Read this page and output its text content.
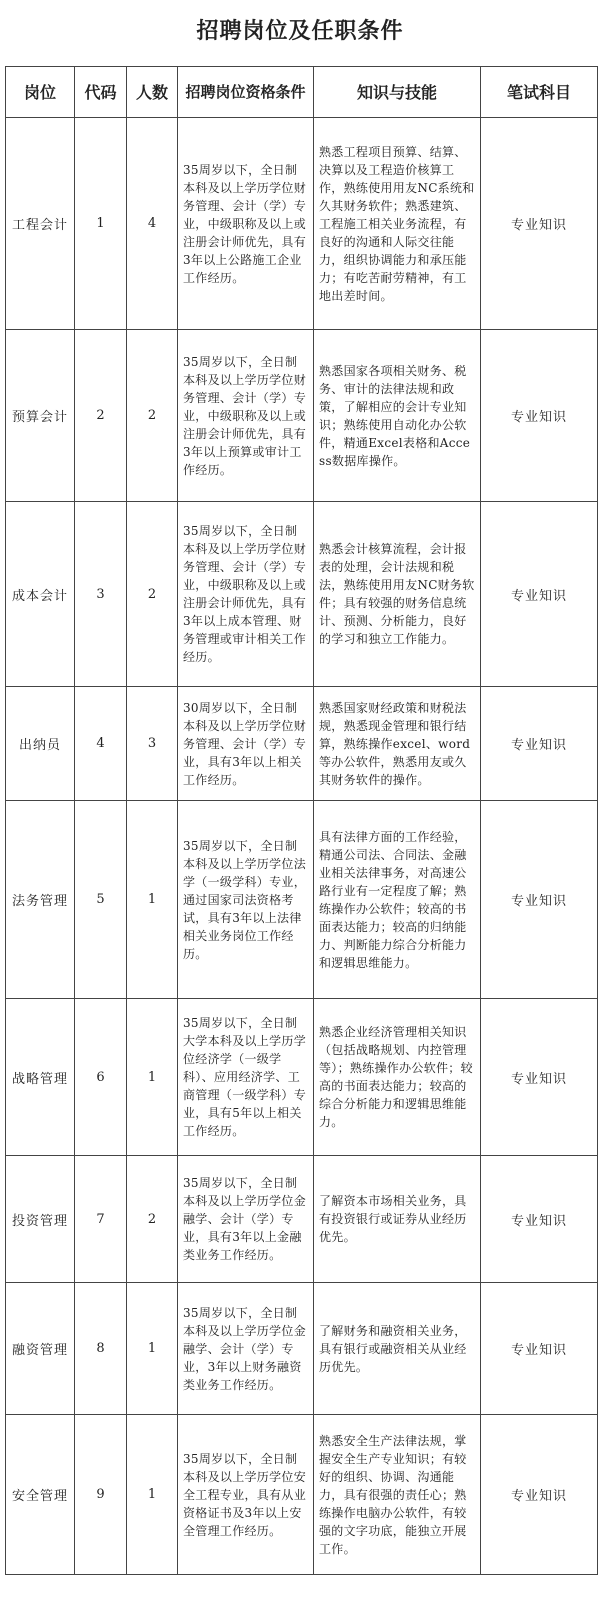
招聘岗位及任职条件
岗位	代码	人数	招聘岗位资格条件	知识与技能	笔试科目
工程会计	1	4	35周岁以下，全日制本科及以上学历学位财务管理、会计（学）专业，中级职称及以上或注册会计师优先，具有3年以上公路施工企业工作经历。	熟悉工程项目预算、结算、决算以及工程造价核算工作，熟练使用用友NC系统和久其财务软件；熟悉建筑、工程施工相关业务流程，有良好的沟通和人际交往能力，组织协调能力和承压能力；有吃苦耐劳精神，有工地出差时间。	专业知识
预算会计	2	2	35周岁以下，全日制本科及以上学历学位财务管理、会计（学）专业，中级职称及以上或注册会计师优先，具有3年以上预算或审计工作经历。	熟悉国家各项相关财务、税务、审计的法律法规和政策，了解相应的会计专业知识；熟练使用自动化办公软件，精通Excel表格和Access数据库操作。	专业知识
成本会计	3	2	35周岁以下，全日制本科及以上学历学位财务管理、会计（学）专业，中级职称及以上或注册会计师优先，具有3年以上成本管理、财务管理或审计相关工作经历。	熟悉会计核算流程，会计报表的处理，会计法规和税法，熟练使用用友NC财务软件；具有较强的财务信息统计、预测、分析能力，良好的学习和独立工作能力。	专业知识
出纳员	4	3	30周岁以下，全日制本科及以上学历学位财务管理、会计（学）专业，具有3年以上相关工作经历。	熟悉国家财经政策和财税法规，熟悉现金管理和银行结算，熟练操作excel、word等办公软件，熟悉用友或久其财务软件的操作。	专业知识
法务管理	5	1	35周岁以下，全日制本科及以上学历学位法学（一级学科）专业，通过国家司法资格考试，具有3年以上法律相关业务岗位工作经历。	具有法律方面的工作经验，精通公司法、合同法、金融业相关法律事务，对高速公路行业有一定程度了解；熟练操作办公软件；较高的书面表达能力；较高的归纳能力、判断能力综合分析能力和逻辑思维能力。	专业知识
战略管理	6	1	35周岁以下，全日制大学本科及以上学历学位经济学（一级学科）、应用经济学、工商管理（一级学科）专业，具有5年以上相关工作经历。	熟悉企业经济管理相关知识（包括战略规划、内控管理等）；熟练操作办公软件；较高的书面表达能力；较高的综合分析能力和逻辑思维能力。	专业知识
投资管理	7	2	35周岁以下，全日制本科及以上学历学位金融学、会计（学）专业，具有3年以上金融类业务工作经历。	了解资本市场相关业务，具有投资银行或证券从业经历优先。	专业知识
融资管理	8	1	35周岁以下，全日制本科及以上学历学位金融学、会计（学）专业，3年以上财务融资类业务工作经历。	了解财务和融资相关业务，具有银行或融资相关从业经历优先。	专业知识
安全管理	9	1	35周岁以下，全日制本科及以上学历学位安全工程专业，具有从业资格证书及3年以上安全管理工作经历。	熟悉安全生产法律法规，掌握安全生产专业知识；有较好的组织、协调、沟通能力，具有很强的责任心；熟练操作电脑办公软件，有较强的文字功底，能独立开展工作。	专业知识
